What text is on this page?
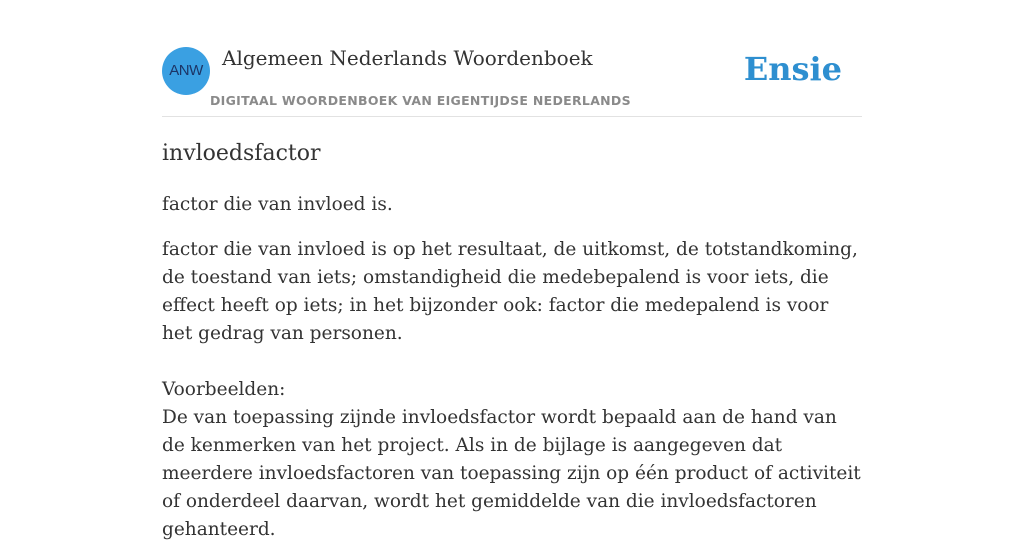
ANW
Algemeen Nederlands Woordenboek
DIGITAAL WOORDENBOEK VAN EIGENTIJDSE NEDERLANDS
Ensie
invloedsfactor

factor die van invloed is.

factor die van invloed is op het resultaat, de uitkomst, de totstandkoming, de toestand van iets; omstandigheid die medebepalend is voor iets, die effect heeft op iets; in het bijzonder ook: factor die medepalend is voor het gedrag van personen.

Voorbeelden:

De van toepassing zijnde invloedsfactor wordt bepaald aan de hand van de kenmerken van het project. Als in de bijlage is aangegeven dat meerdere invloedsfactoren van toepassing zijn op één product of activiteit of onderdeel daarvan, wordt het gemiddelde van die invloedsfactoren gehanteerd.
